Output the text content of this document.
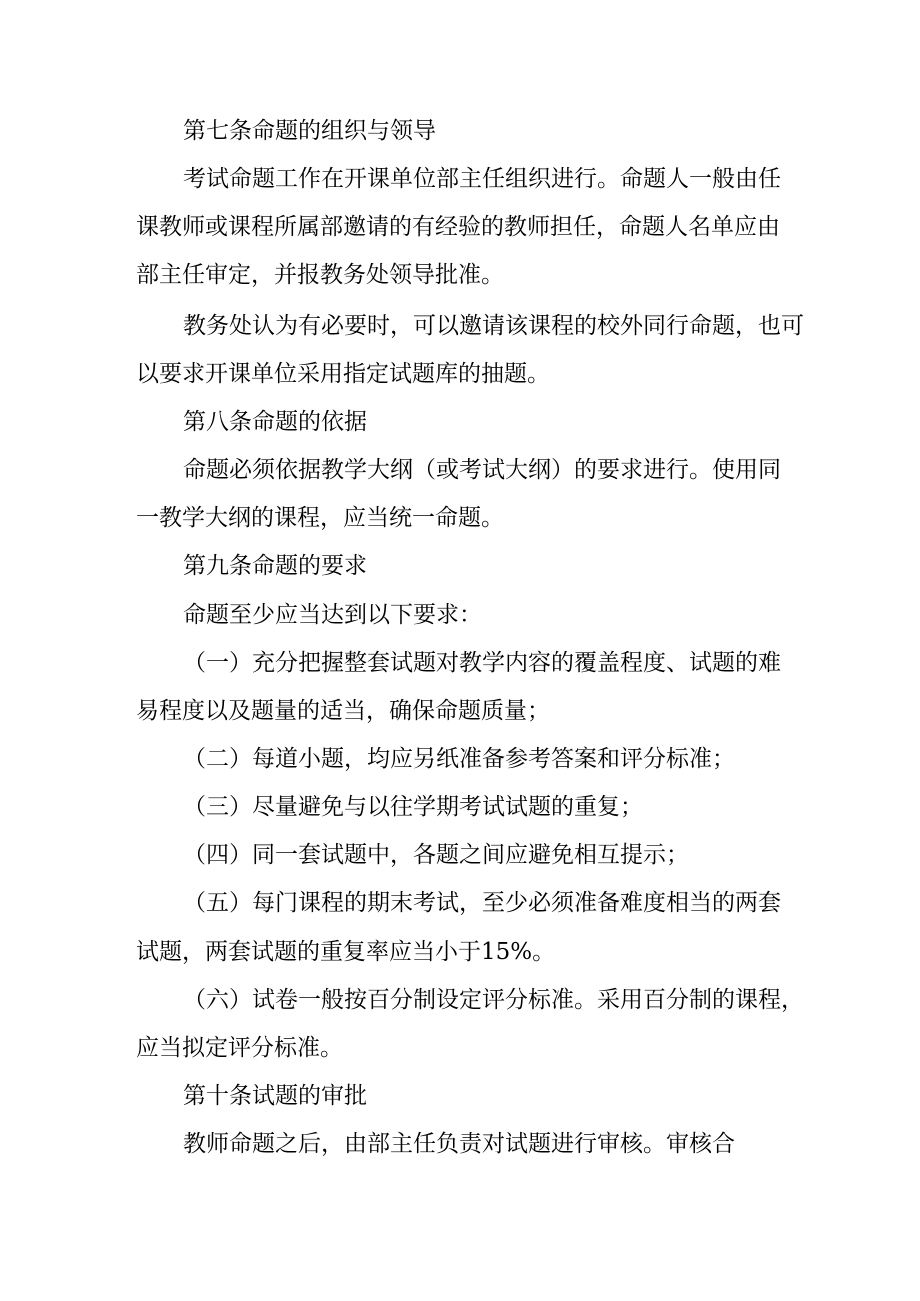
第七条命题的组织与领导
考试命题工作在开课单位部主任组织进行。命题人一般由任
课教师或课程所属部邀请的有经验的教师担任，命题人名单应由
部主任审定，并报教务处领导批准。
教务处认为有必要时，可以邀请该课程的校外同行命题，也可
以要求开课单位采用指定试题库的抽题。
第八条命题的依据
命题必须依据教学大纲（或考试大纲）的要求进行。使用同
一教学大纲的课程，应当统一命题。
第九条命题的要求
命题至少应当达到以下要求：
（一）充分把握整套试题对教学内容的覆盖程度、试题的难
易程度以及题量的适当，确保命题质量；
（二）每道小题，均应另纸准备参考答案和评分标准；
（三）尽量避免与以往学期考试试题的重复；
（四）同一套试题中，各题之间应避免相互提示；
（五）每门课程的期末考试，至少必须准备难度相当的两套
试题，两套试题的重复率应当小于15%。
（六）试卷一般按百分制设定评分标准。采用百分制的课程，
应当拟定评分标准。
第十条试题的审批
教师命题之后，由部主任负责对试题进行审核。审核合
